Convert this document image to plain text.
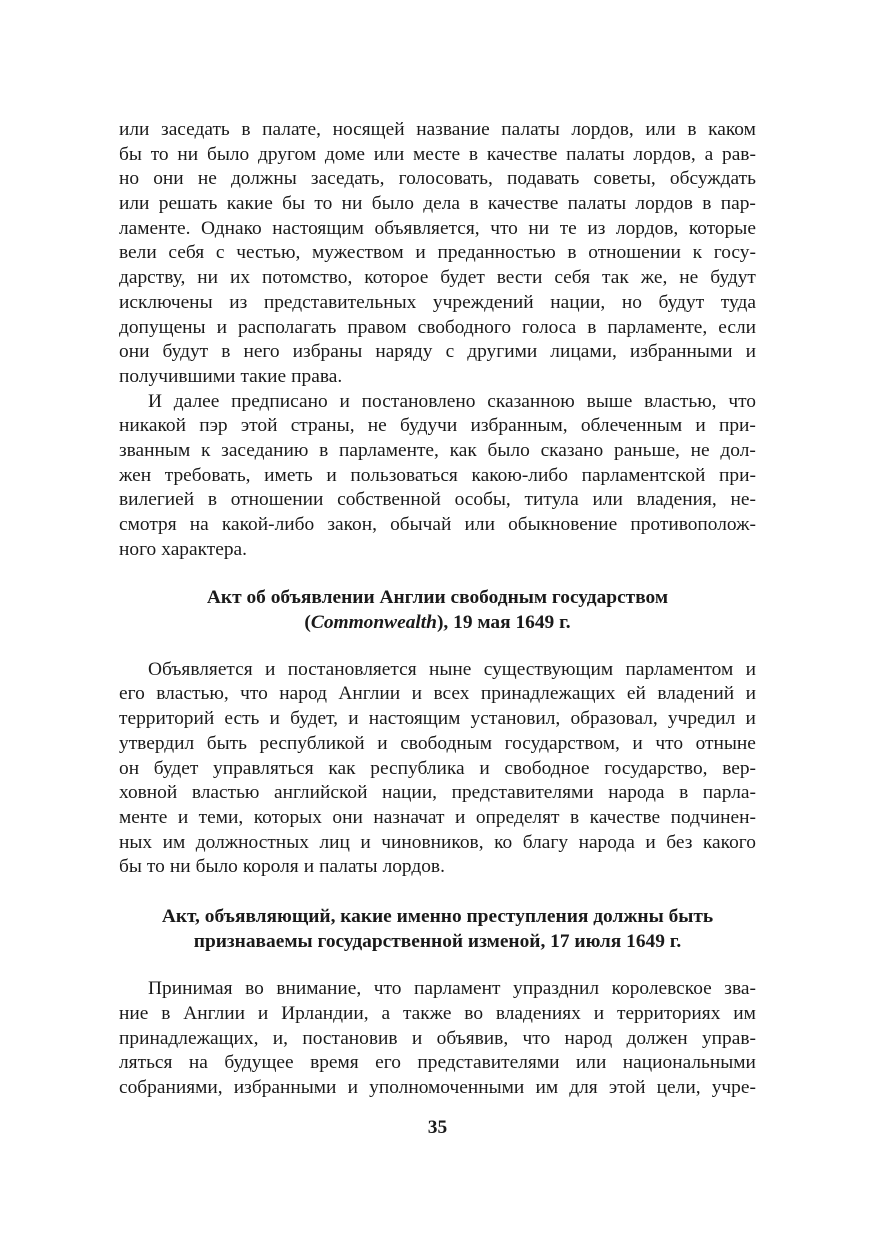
или заседать в палате, носящей название палаты лордов, или в каком
бы то ни было другом доме или месте в качестве палаты лордов, а рав-
но они не должны заседать, голосовать, подавать советы, обсуждать
или решать какие бы то ни было дела в качестве палаты лордов в пар-
ламенте. Однако настоящим объявляется, что ни те из лордов, которые
вели себя с честью, мужеством и преданностью в отношении к госу-
дарству, ни их потомство, которое будет вести себя так же, не будут
исключены из представительных учреждений нации, но будут туда
допущены и располагать правом свободного голоса в парламенте, если
они будут в него избраны наряду с другими лицами, избранными и
получившими такие права.
И далее предписано и постановлено сказанною выше властью, что
никакой пэр этой страны, не будучи избранным, облеченным и при-
званным к заседанию в парламенте, как было сказано раньше, не дол-
жен требовать, иметь и пользоваться какою-либо парламентской при-
вилегией в отношении собственной особы, титула или владения, не-
смотря на какой-либо закон, обычай или обыкновение противополож-
ного характера.
Акт об объявлении Англии свободным государством
(Commonwealth), 19 мая 1649 г.
Объявляется и постановляется ныне существующим парламентом и
его властью, что народ Англии и всех принадлежащих ей владений и
территорий есть и будет, и настоящим установил, образовал, учредил и
утвердил быть республикой и свободным государством, и что отныне
он будет управляться как республика и свободное государство, вер-
ховной властью английской нации, представителями народа в парла-
менте и теми, которых они назначат и определят в качестве подчинен-
ных им должностных лиц и чиновников, ко благу народа и без какого
бы то ни было короля и палаты лордов.
Акт, объявляющий, какие именно преступления должны быть
признаваемы государственной изменой, 17 июля 1649 г.
Принимая во внимание, что парламент упразднил королевское зва-
ние в Англии и Ирландии, а также во владениях и территориях им
принадлежащих, и, постановив и объявив, что народ должен управ-
ляться на будущее время его представителями или национальными
собраниями, избранными и уполномоченными им для этой цели, учре-
35
